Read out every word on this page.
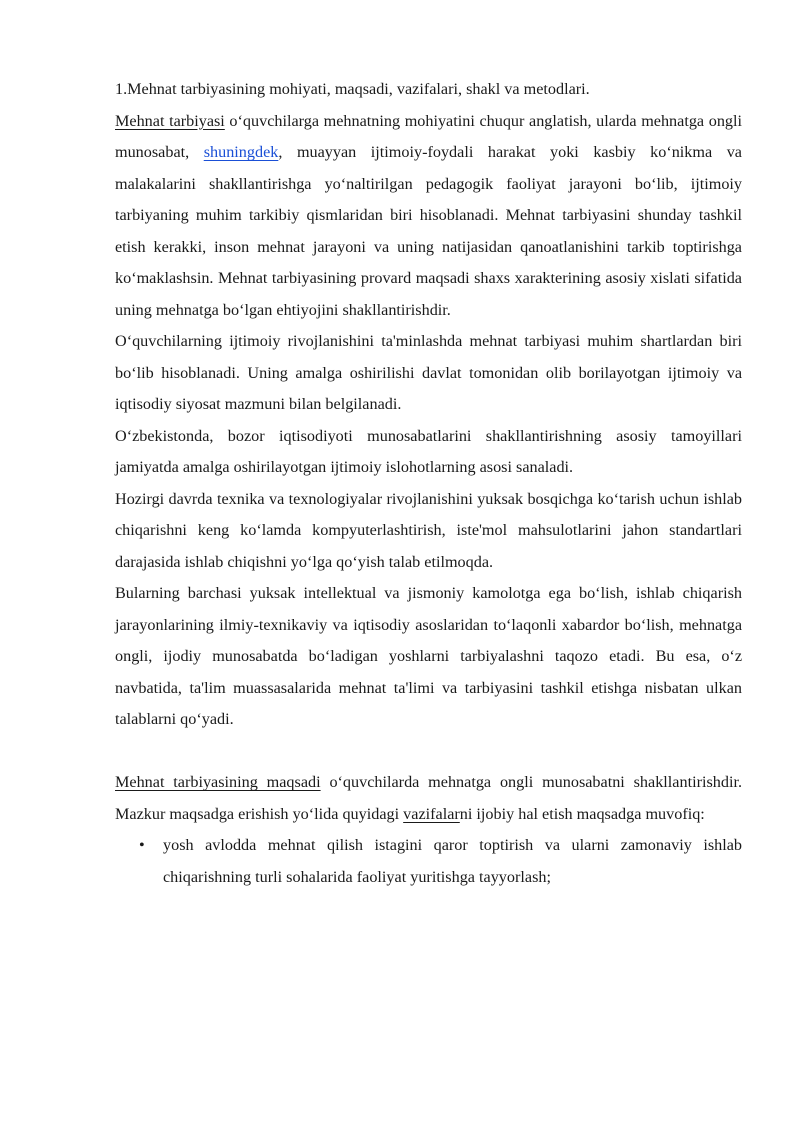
1.Mehnat tarbiyasining mohiyati, maqsadi, vazifalari, shakl va metodlari.

Mehnat tarbiyasi o‘quvchilarga mehnatning mohiyatini chuqur anglatish, ularda mehnatga ongli munosabat, shuningdek, muayyan ijtimoiy-foydali harakat yoki kasbiy ko‘nikma va malakalarini shakllantirishga yo‘naltirilgan pedagogik faoliyat jarayoni bo‘lib, ijtimoiy tarbiyaning muhim tarkibiy qismlaridan biri hisoblanadi. Mehnat tarbiyasini shunday tashkil etish kerakki, inson mehnat jarayoni va uning natijasidan qanoatlanishini tarkib toptirishga ko‘maklashsin. Mehnat tarbiyasining provard maqsadi shaxs xarakterining asosiy xislati sifatida uning mehnatga bo‘lgan ehtiyojini shakllantirishdir.

O‘quvchilarning ijtimoiy rivojlanishini ta'minlashda mehnat tarbiyasi muhim shartlardan biri bo‘lib hisoblanadi. Uning amalga oshirilishi davlat tomonidan olib borilayotgan ijtimoiy va iqtisodiy siyosat mazmuni bilan belgilanadi.

O‘zbekistonda, bozor iqtisodiyoti munosabatlarini shakllantirishning asosiy tamoyillari jamiyatda amalga oshirilayotgan ijtimoiy islohotlarning asosi sanaladi.

Hozirgi davrda texnika va texnologiyalar rivojlanishini yuksak bosqichga ko‘tarish uchun ishlab chiqarishni keng ko‘lamda kompyuterlashtirish, iste'mol mahsulotlarini jahon standartlari darajasida ishlab chiqishni yo‘lga qo‘yish talab etilmoqda.

Bularning barchasi yuksak intellektual va jismoniy kamolotga ega bo‘lish, ishlab chiqarish jarayonlarining ilmiy-texnikaviy va iqtisodiy asoslaridan to‘laqonli xabardor bo‘lish, mehnatga ongli, ijodiy munosabatda bo‘ladigan yoshlarni tarbiyalashni taqozo etadi. Bu esa, o‘z navbatida, ta'lim muassasalarida mehnat ta'limi va tarbiyasini tashkil etishga nisbatan ulkan talablarni qo‘yadi.

Mehnat tarbiyasining maqsadi o‘quvchilarda mehnatga ongli munosabatni shakllantirishdir. Mazkur maqsadga erishish yo‘lida quyidagi vazifalarni ijobiy hal etish maqsadga muvofiq:

• yosh avlodda mehnat qilish istagini qaror toptirish va ularni zamonaviy ishlab chiqarishning turli sohalarida faoliyat yuritishga tayyorlash;
